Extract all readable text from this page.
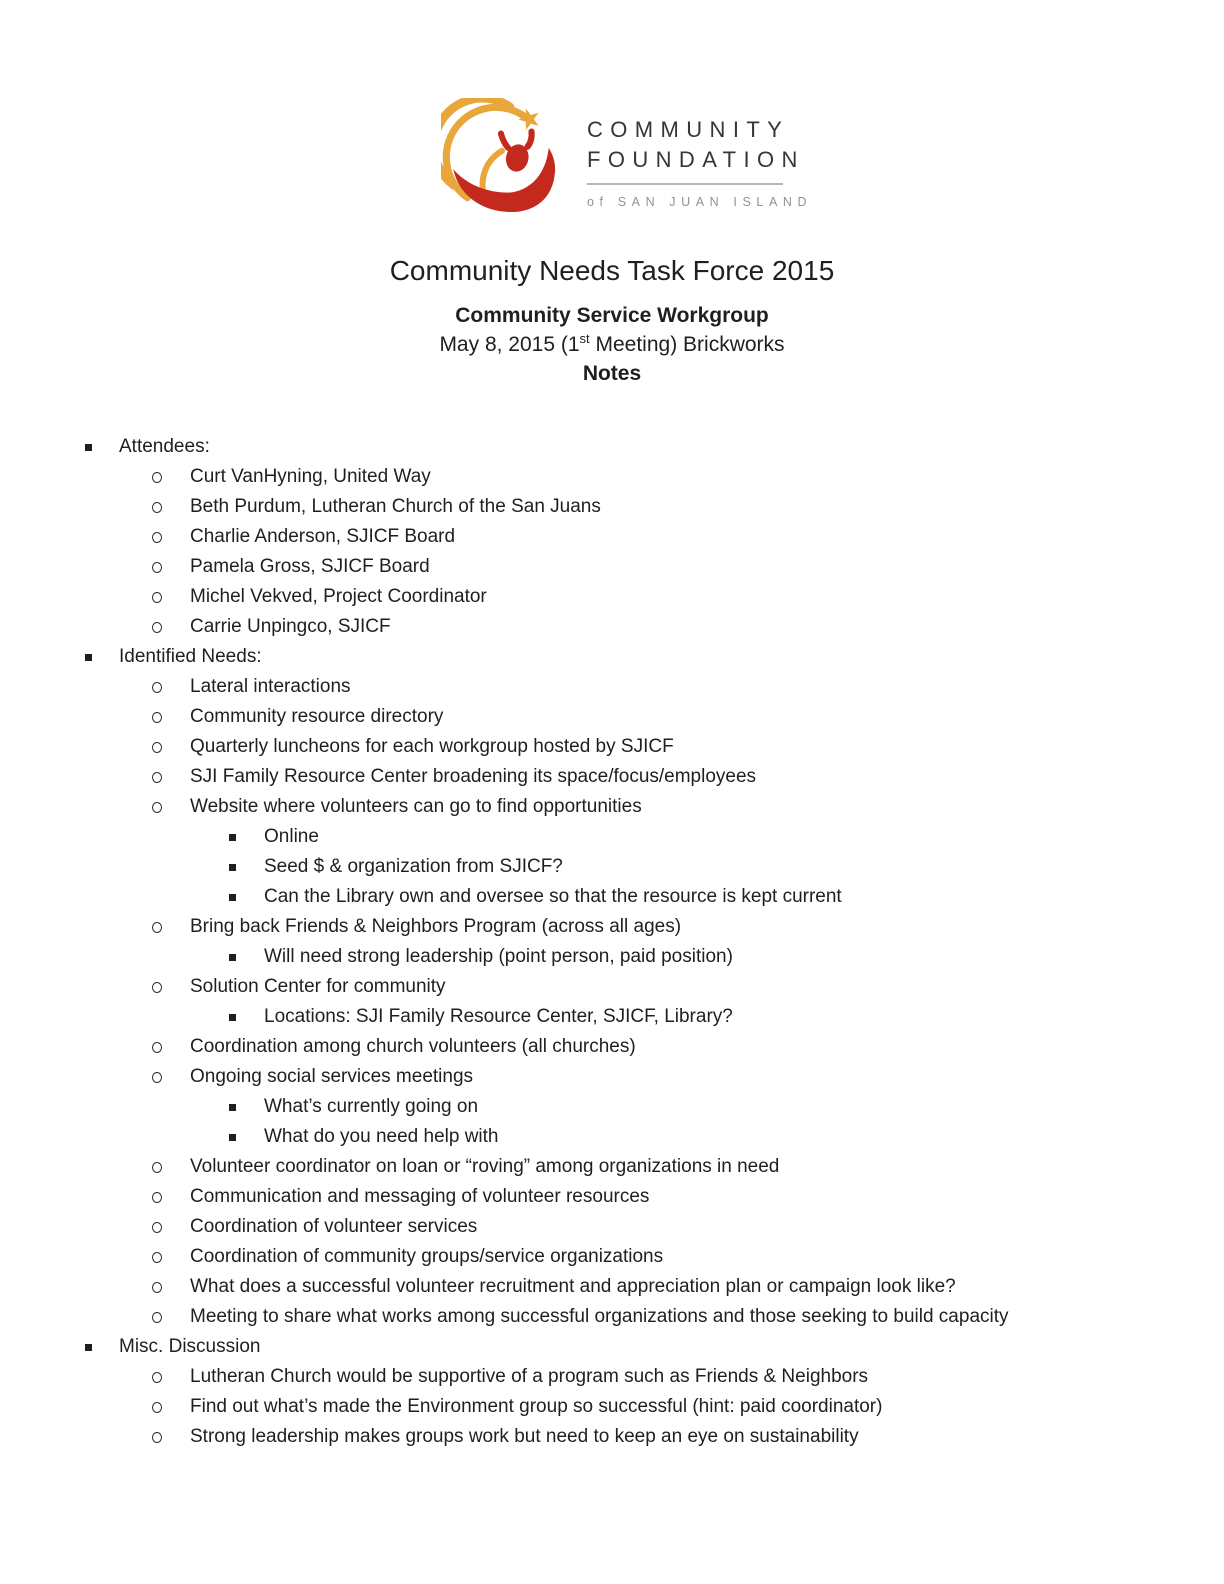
COMMUNITY
FOUNDATION
of SAN JUAN ISLAND
Community Needs Task Force 2015
Community Service Workgroup
May 8, 2015 (1st Meeting) Brickworks
Notes
Attendees:
Curt VanHyning, United Way
Beth Purdum, Lutheran Church of the San Juans
Charlie Anderson, SJICF Board
Pamela Gross, SJICF Board
Michel Vekved, Project Coordinator
Carrie Unpingco, SJICF
Identified Needs:
Lateral interactions
Community resource directory
Quarterly luncheons for each workgroup hosted by SJICF
SJI Family Resource Center broadening its space/focus/employees
Website where volunteers can go to find opportunities
Online
Seed $ & organization from SJICF?
Can the Library own and oversee so that the resource is kept current
Bring back Friends & Neighbors Program (across all ages)
Will need strong leadership (point person, paid position)
Solution Center for community
Locations: SJI Family Resource Center, SJICF, Library?
Coordination among church volunteers (all churches)
Ongoing social services meetings
What’s currently going on
What do you need help with
Volunteer coordinator on loan or “roving” among organizations in need
Communication and messaging of volunteer resources
Coordination of volunteer services
Coordination of community groups/service organizations
What does a successful volunteer recruitment and appreciation plan or campaign look like?
Meeting to share what works among successful organizations and those seeking to build capacity
Misc. Discussion
Lutheran Church would be supportive of a program such as Friends & Neighbors
Find out what’s made the Environment group so successful (hint: paid coordinator)
Strong leadership makes groups work but need to keep an eye on sustainability
